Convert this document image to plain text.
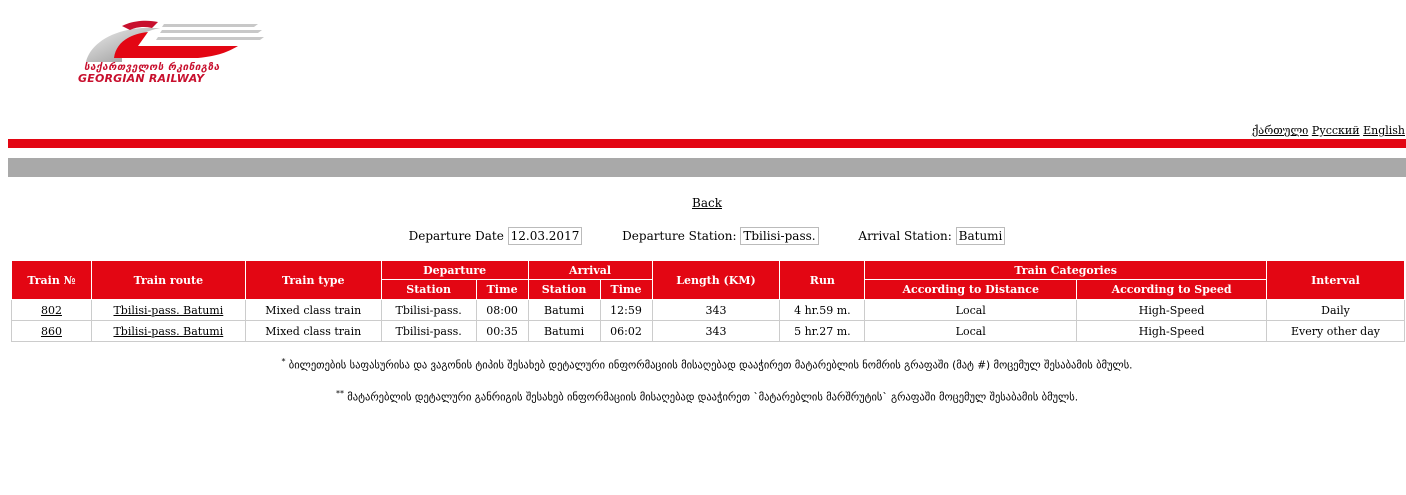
საქართველოს რკინიგზა
GEORGIAN RAILWAY
ქართული Русский English
Back
Departure Date 12.03.2017	Departure Station: Tbilisi-pass.	Arrival Station: Batumi
Train №	Train route	Train type	Departure		Arrival		Length (KM)	Run	Train Categories		Interval
			Station	Time	Station	Time			According to Distance	According to Speed	
802	Tbilisi-pass. Batumi	Mixed class train	Tbilisi-pass.	08:00	Batumi	12:59	343	4 hr.59 m.	Local	High-Speed	Daily
860	Tbilisi-pass. Batumi	Mixed class train	Tbilisi-pass.	00:35	Batumi	06:02	343	5 hr.27 m.	Local	High-Speed	Every other day

* ბილეთების საფასურისა და ვაგონის ტიპის შესახებ დეტალური ინფორმაციის მისაღებად დააჭირეთ მატარებლის ნომრის გრაფაში (მატ #) მოცემულ შესაბამის ბმულს.

** მატარებლის დეტალური განრიგის შესახებ ინფორმაციის მისაღებად დააჭირეთ `მატარებლის მარშრუტის` გრაფაში მოცემულ შესაბამის ბმულს.
